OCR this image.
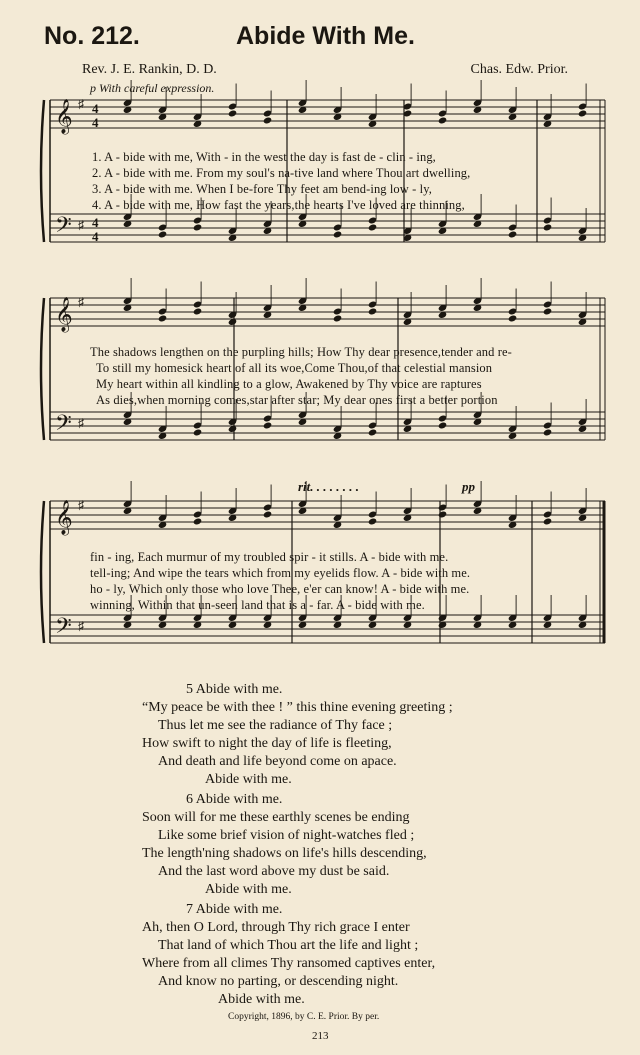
No. 212.	Abide With Me.
Rev. J. E. Rankin, D. D.	Chas. Edw. Prior.
p With careful expression.
𝄞
𝄢
♯
♯
4
4
4
4
𝄞
𝄢
♯
♯
𝄞
𝄢
♯
♯
rit. . . . . . . .	pp
1. A - bide with me, With - in the west the day is fast de - clin - ing,
2. A - bide with me. From my soul's na-tive land where Thou art dwelling,
3. A - bide with me. When I be-fore Thy feet am bend-ing low - ly,
4. A - bide with me, How fast the years,the hearts I've loved are thinning,
The shadows lengthen on the purpling hills; How Thy dear presence,tender and re-
To still my homesick heart of all its woe,Come Thou,of that celestial mansion
My heart within all kindling to a glow, Awakened by Thy voice are raptures
As dies,when morning comes,star after star; My dear ones first a better portion
fin - ing, Each murmur of my troubled spir - it stills. A - bide with me.
tell-ing; And wipe the tears which from my eyelids flow. A - bide with me.
ho - ly, Which only those who love Thee, e'er can know! A - bide with me.
winning, Within that un-seen land that is a - far. A - bide with me.
5 Abide with me.
“My peace be with thee ! ” this thine evening greeting ;
Thus let me see the radiance of Thy face ;
How swift to night the day of life is fleeting,
And death and life beyond come on apace.
Abide with me.
6 Abide with me.
Soon will for me these earthly scenes be ending
Like some brief vision of night-watches fled ;
The length'ning shadows on life's hills descending,
And the last word above my dust be said.
Abide with me.
7 Abide with me.
Ah, then O Lord, through Thy rich grace I enter
That land of which Thou art the life and light ;
Where from all climes Thy ransomed captives enter,
And know no parting, or descending night.
Abide with me.
Copyright, 1896, by C. E. Prior. By per.
213
